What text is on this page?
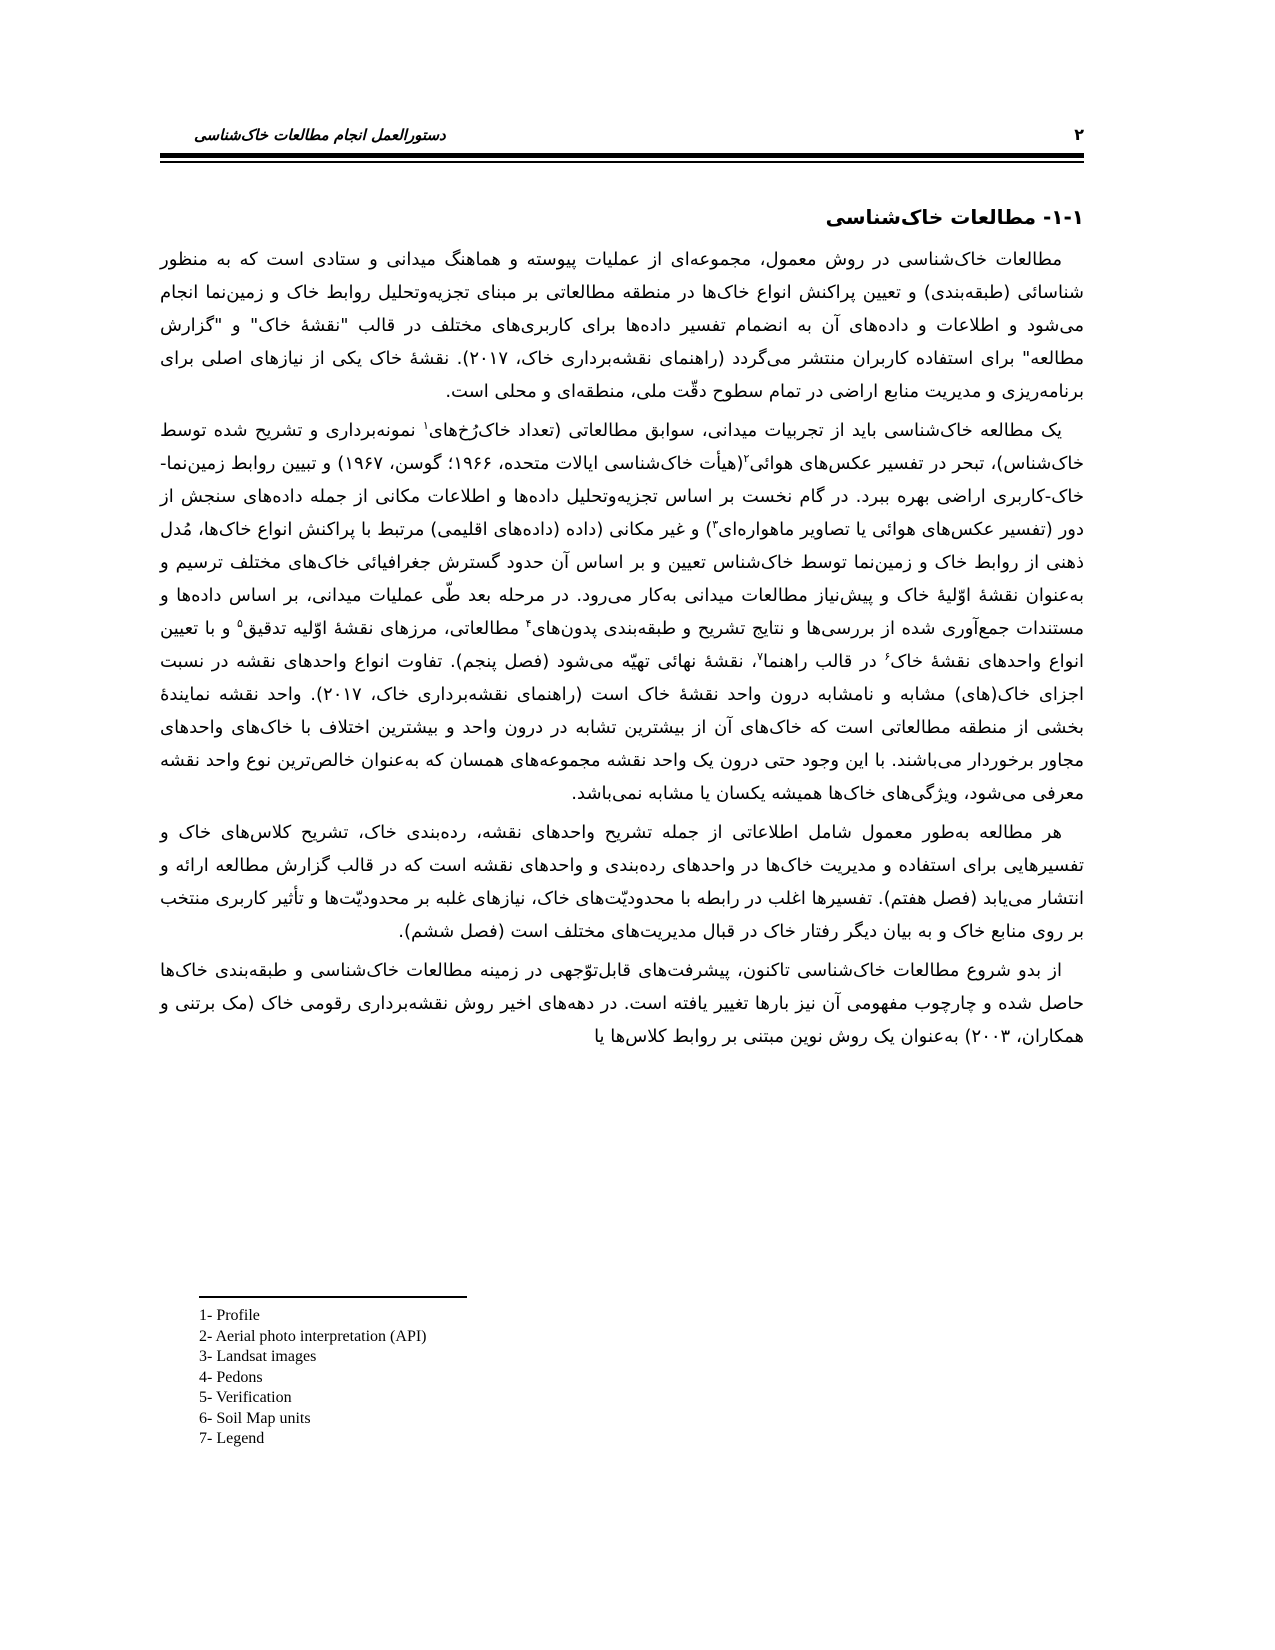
دستورالعمل انجام مطالعات خاک‌شناسی	۲
۱-۱- مطالعات خاک‌شناسی

مطالعات خاک‌شناسی در روش معمول، مجموعه‌ای از عملیات پیوسته و هماهنگ میدانی و ستادی است که به منظور شناسائی (طبقه‌بندی) و تعیین پراکنش انواع خاک‌ها در منطقه مطالعاتی بر مبنای تجزیه‌وتحلیل روابط خاک و زمین‌نما انجام می‌شود و اطلاعات و داده‌های آن به انضمام تفسیر داده‌ها برای کاربری‌های مختلف در قالب "نقشهٔ خاک" و "گزارش مطالعه" برای استفاده کاربران منتشر می‌گردد (راهنمای نقشه‌برداری خاک، ۲۰۱۷). نقشهٔ خاک یکی از نیازهای اصلی برای برنامه‌ریزی و مدیریت منابع اراضی در تمام سطوح دقّت ملی، منطقه‌ای و محلی است.

یک مطالعه خاک‌شناسی باید از تجربیات میدانی، سوابق مطالعاتی (تعداد خاک‌رُخ‌های$^۱$ نمونه‌برداری و تشریح شده توسط خاک‌شناس)، تبحر در تفسیر عکس‌های هوائی$^۲$(هیأت خاک‌شناسی ایالات متحده، ۱۹۶۶؛ گوسن، ۱۹۶۷) و تبیین روابط زمین‌نما-خاک-کاربری اراضی بهره ببرد. در گام نخست بر اساس تجزیه‌وتحلیل داده‌ها و اطلاعات مکانی از جمله داده‌های سنجش از دور (تفسیر عکس‌های هوائی یا تصاویر ماهواره‌ای$^۳$) و غیر مکانی (داده (داده‌های اقلیمی) مرتبط با پراکنش انواع خاک‌ها، مُدل ذهنی از روابط خاک و زمین‌نما توسط خاک‌شناس تعیین و بر اساس آن حدود گسترش جغرافیائی خاک‌های مختلف ترسیم و به‌عنوان نقشهٔ اوّلیهٔ خاک و پیش‌نیاز مطالعات میدانی به‌کار می‌رود. در مرحله بعد طّی عملیات میدانی، بر اساس داده‌ها و مستندات جمع‌آوری شده از بررسی‌ها و نتایج تشریح و طبقه‌بندی پدون‌های$^۴$ مطالعاتی، مرزهای نقشهٔ اوّلیه تدقیق$^۵$ و با تعیین انواع واحدهای نقشهٔ خاک$^۶$ در قالب راهنما$^۷$، نقشهٔ نهائی تهیّه می‌شود (فصل پنجم). تفاوت انواع واحدهای نقشه در نسبت اجزای خاک(های) مشابه و نامشابه درون واحد نقشهٔ خاک است (راهنمای نقشه‌برداری خاک، ۲۰۱۷). واحد نقشه نمایندهٔ بخشی از منطقه مطالعاتی است که خاک‌های آن از بیشترین تشابه در درون واحد و بیشترین اختلاف با خاک‌های واحدهای مجاور برخوردار می‌باشند. با این وجود حتی درون یک واحد نقشه مجموعه‌های همسان که به‌عنوان خالص‌ترین نوع واحد نقشه معرفی می‌شود، ویژگی‌های خاک‌ها همیشه یکسان یا مشابه نمی‌باشد.

هر مطالعه به‌طور معمول شامل اطلاعاتی از جمله تشریح واحدهای نقشه، رده‌بندی خاک، تشریح کلاس‌های خاک و تفسیرهایی برای استفاده و مدیریت خاک‌ها در واحدهای رده‌بندی و واحدهای نقشه است که در قالب گزارش مطالعه ارائه و انتشار می‌یابد (فصل هفتم). تفسیرها اغلب در رابطه با محدودیّت‌های خاک، نیازهای غلبه بر محدودیّت‌ها و تأثیر کاربری منتخب بر روی منابع خاک و به بیان دیگر رفتار خاک در قبال مدیریت‌های مختلف است (فصل ششم).

از بدو شروع مطالعات خاک‌شناسی تاکنون، پیشرفت‌های قابل‌توّجهی در زمینه مطالعات خاک‌شناسی و طبقه‌بندی خاک‌ها حاصل شده و چارچوب مفهومی آن نیز بارها تغییر یافته است. در دهه‌های اخیر روش نقشه‌برداری رقومی خاک (مک برتنی و همکاران، ۲۰۰۳) به‌عنوان یک روش نوین مبتنی بر روابط کلاس‌ها یا

1- Profile
2- Aerial photo interpretation (API)
3- Landsat images
4- Pedons
5- Verification
6- Soil Map units
7- Legend
